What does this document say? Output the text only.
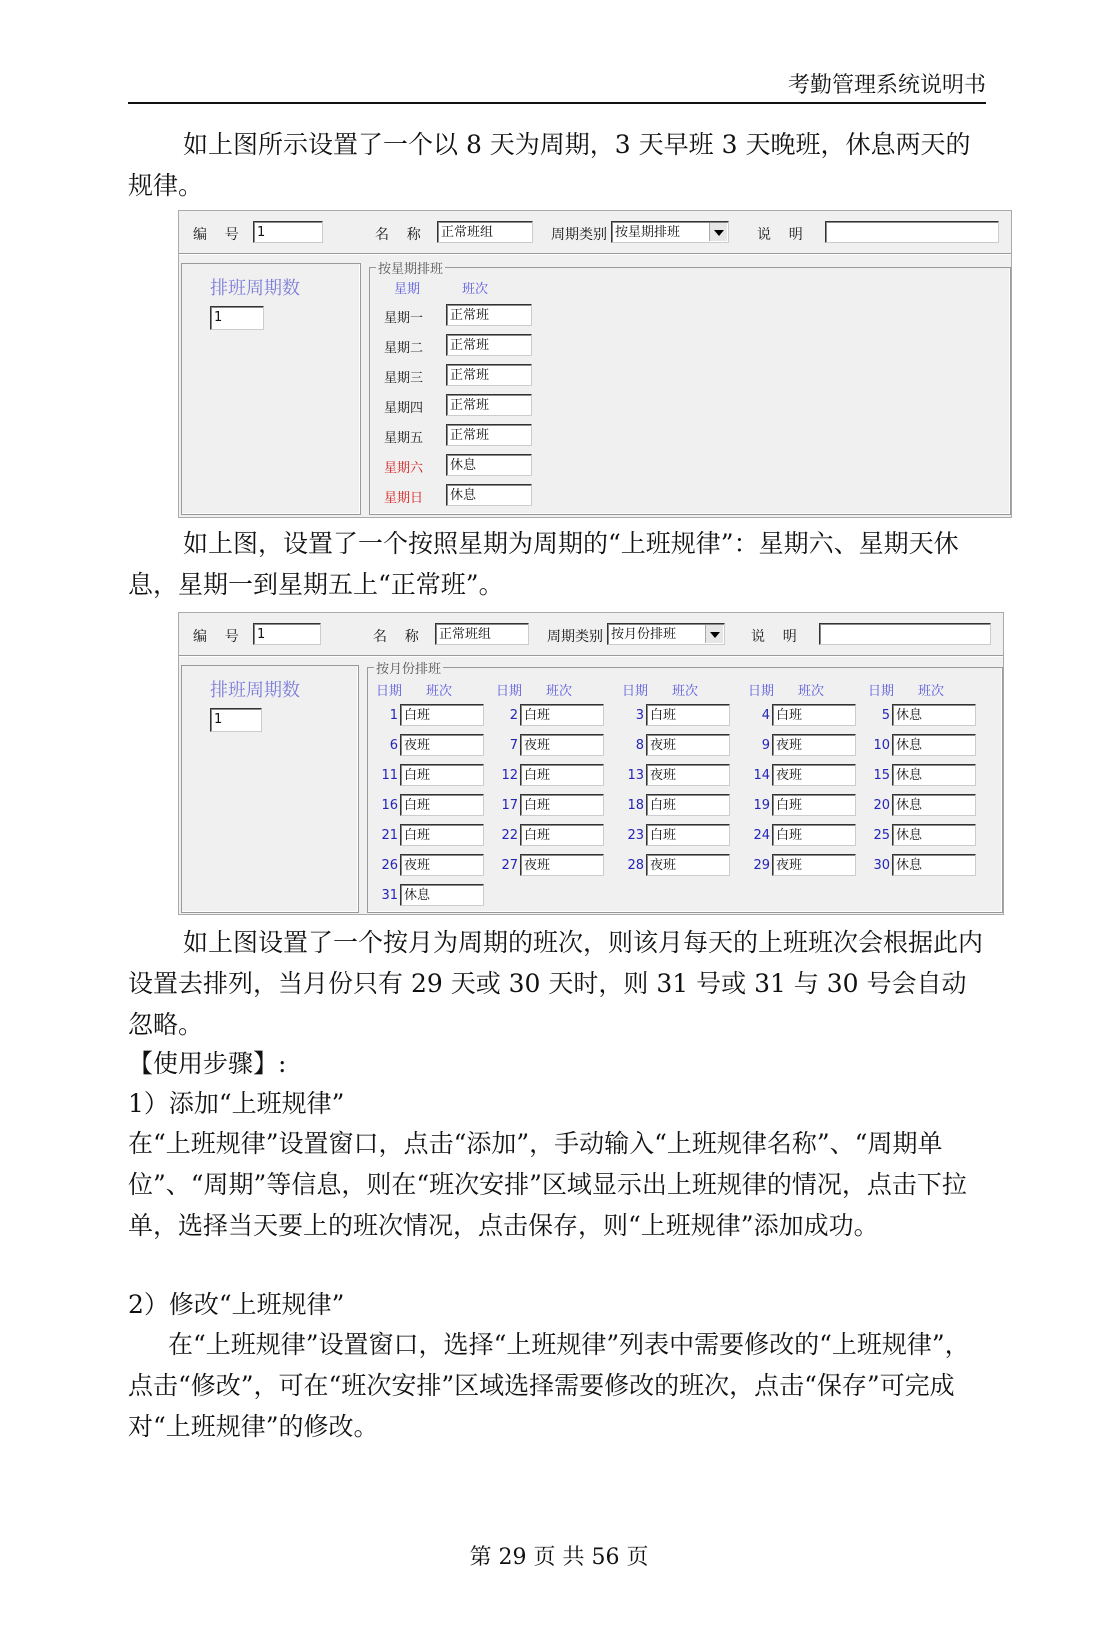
考勤管理系统说明书

如上图所示设置了一个以 8 天为周期，3 天早班 3 天晚班，休息两天的规律。

编    号	1	名    称	正常班组	周期类别 按星期排班	说    明
排班周期数
1
按星期排班
星期	班次
星期一	正常班
星期二	正常班
星期三	正常班
星期四	正常班
星期五	正常班
星期六	休息
星期日	休息

如上图，设置了一个按照星期为周期的“上班规律”：星期六、星期天休息，星期一到星期五上“正常班”。

编    号	1	名    称	正常班组	周期类别 按月份排班	说    明
排班周期数
1
按月份排班
日期 班次	日期 班次	日期 班次	日期 班次	日期 班次
1 白班	2 白班	3 白班	4 白班	5 休息
6 夜班	7 夜班	8 夜班	9 夜班	10 休息
11 白班	12 白班	13 夜班	14 夜班	15 休息
16 白班	17 白班	18 白班	19 白班	20 休息
21 白班	22 白班	23 白班	24 白班	25 休息
26 夜班	27 夜班	28 夜班	29 夜班	30 休息
31 休息

如上图设置了一个按月为周期的班次，则该月每天的上班班次会根据此内设置去排列，当月份只有 29 天或 30 天时，则 31 号或 31 与 30 号会自动忽略。

【使用步骤】:

1）添加“上班规律”

在“上班规律”设置窗口，点击“添加”，手动输入“上班规律名称”、“周期单位”、“周期”等信息，则在“班次安排”区域显示出上班规律的情况，点击下拉单，选择当天要上的班次情况，点击保存，则“上班规律”添加成功。

2）修改“上班规律”

在“上班规律”设置窗口，选择“上班规律”列表中需要修改的“上班规律”，点击“修改”，可在“班次安排”区域选择需要修改的班次，点击“保存”可完成对“上班规律”的修改。

第 29 页 共 56 页
